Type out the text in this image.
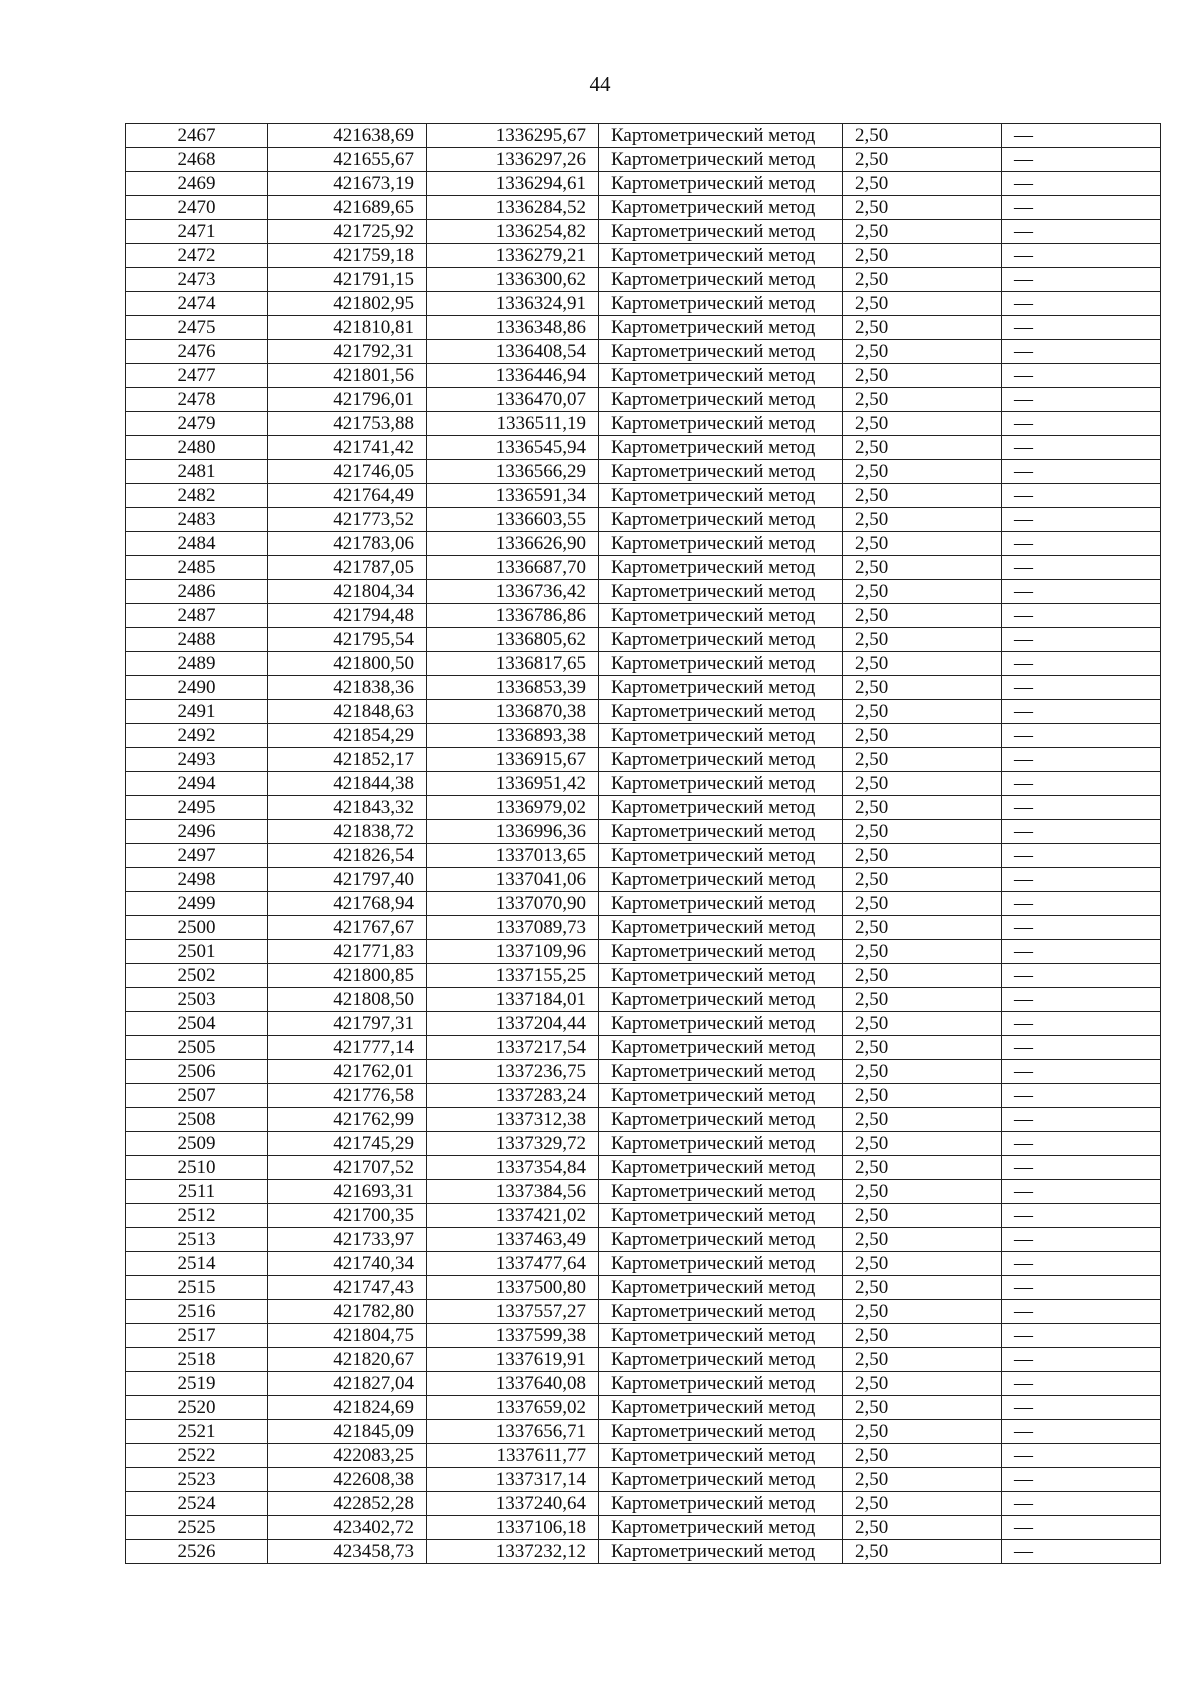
44
2467	421638,69	1336295,67	Картометрический метод	2,50	—
2468	421655,67	1336297,26	Картометрический метод	2,50	—
2469	421673,19	1336294,61	Картометрический метод	2,50	—
2470	421689,65	1336284,52	Картометрический метод	2,50	—
2471	421725,92	1336254,82	Картометрический метод	2,50	—
2472	421759,18	1336279,21	Картометрический метод	2,50	—
2473	421791,15	1336300,62	Картометрический метод	2,50	—
2474	421802,95	1336324,91	Картометрический метод	2,50	—
2475	421810,81	1336348,86	Картометрический метод	2,50	—
2476	421792,31	1336408,54	Картометрический метод	2,50	—
2477	421801,56	1336446,94	Картометрический метод	2,50	—
2478	421796,01	1336470,07	Картометрический метод	2,50	—
2479	421753,88	1336511,19	Картометрический метод	2,50	—
2480	421741,42	1336545,94	Картометрический метод	2,50	—
2481	421746,05	1336566,29	Картометрический метод	2,50	—
2482	421764,49	1336591,34	Картометрический метод	2,50	—
2483	421773,52	1336603,55	Картометрический метод	2,50	—
2484	421783,06	1336626,90	Картометрический метод	2,50	—
2485	421787,05	1336687,70	Картометрический метод	2,50	—
2486	421804,34	1336736,42	Картометрический метод	2,50	—
2487	421794,48	1336786,86	Картометрический метод	2,50	—
2488	421795,54	1336805,62	Картометрический метод	2,50	—
2489	421800,50	1336817,65	Картометрический метод	2,50	—
2490	421838,36	1336853,39	Картометрический метод	2,50	—
2491	421848,63	1336870,38	Картометрический метод	2,50	—
2492	421854,29	1336893,38	Картометрический метод	2,50	—
2493	421852,17	1336915,67	Картометрический метод	2,50	—
2494	421844,38	1336951,42	Картометрический метод	2,50	—
2495	421843,32	1336979,02	Картометрический метод	2,50	—
2496	421838,72	1336996,36	Картометрический метод	2,50	—
2497	421826,54	1337013,65	Картометрический метод	2,50	—
2498	421797,40	1337041,06	Картометрический метод	2,50	—
2499	421768,94	1337070,90	Картометрический метод	2,50	—
2500	421767,67	1337089,73	Картометрический метод	2,50	—
2501	421771,83	1337109,96	Картометрический метод	2,50	—
2502	421800,85	1337155,25	Картометрический метод	2,50	—
2503	421808,50	1337184,01	Картометрический метод	2,50	—
2504	421797,31	1337204,44	Картометрический метод	2,50	—
2505	421777,14	1337217,54	Картометрический метод	2,50	—
2506	421762,01	1337236,75	Картометрический метод	2,50	—
2507	421776,58	1337283,24	Картометрический метод	2,50	—
2508	421762,99	1337312,38	Картометрический метод	2,50	—
2509	421745,29	1337329,72	Картометрический метод	2,50	—
2510	421707,52	1337354,84	Картометрический метод	2,50	—
2511	421693,31	1337384,56	Картометрический метод	2,50	—
2512	421700,35	1337421,02	Картометрический метод	2,50	—
2513	421733,97	1337463,49	Картометрический метод	2,50	—
2514	421740,34	1337477,64	Картометрический метод	2,50	—
2515	421747,43	1337500,80	Картометрический метод	2,50	—
2516	421782,80	1337557,27	Картометрический метод	2,50	—
2517	421804,75	1337599,38	Картометрический метод	2,50	—
2518	421820,67	1337619,91	Картометрический метод	2,50	—
2519	421827,04	1337640,08	Картометрический метод	2,50	—
2520	421824,69	1337659,02	Картометрический метод	2,50	—
2521	421845,09	1337656,71	Картометрический метод	2,50	—
2522	422083,25	1337611,77	Картометрический метод	2,50	—
2523	422608,38	1337317,14	Картометрический метод	2,50	—
2524	422852,28	1337240,64	Картометрический метод	2,50	—
2525	423402,72	1337106,18	Картометрический метод	2,50	—
2526	423458,73	1337232,12	Картометрический метод	2,50	—
